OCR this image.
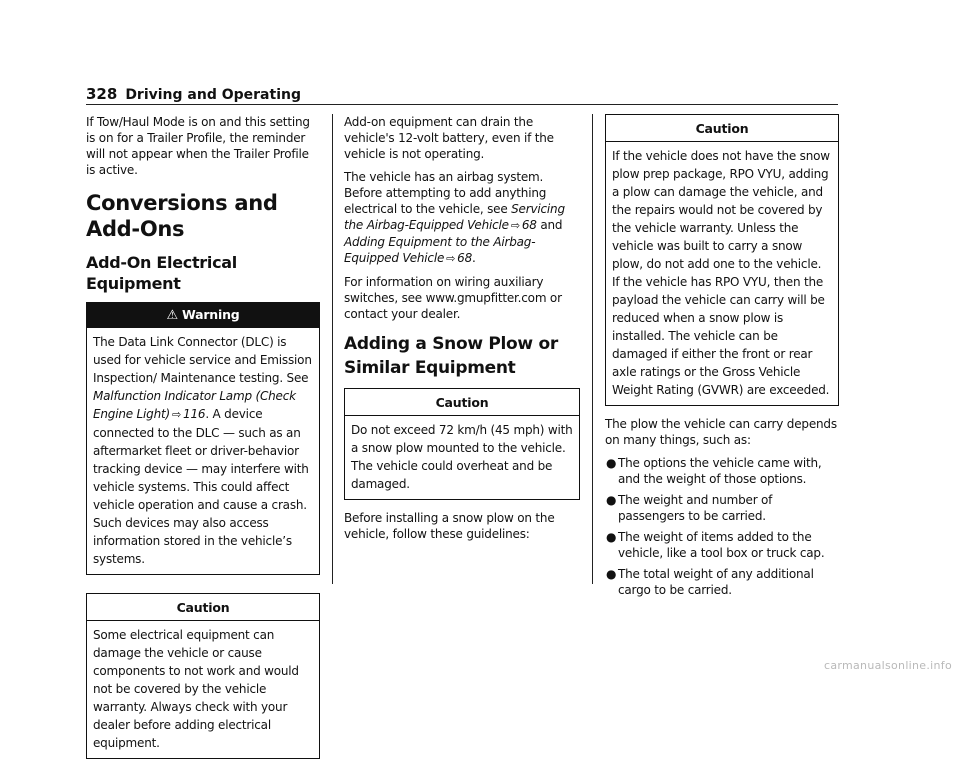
328 Driving and Operating

If Tow/Haul Mode is on and this setting is on for a Trailer Profile, the reminder will not appear when the Trailer Profile is active.

Conversions and Add-Ons
Add-On Electrical Equipment
⚠ Warning
The Data Link Connector (DLC) is used for vehicle service and Emission Inspection/ Maintenance testing. See Malfunction Indicator Lamp (Check Engine Light) ⇨ 116. A device connected to the DLC — such as an aftermarket fleet or driver-behavior tracking device — may interfere with vehicle systems. This could affect vehicle operation and cause a crash. Such devices may also access information stored in the vehicle’s systems.
Caution
Some electrical equipment can damage the vehicle or cause components to not work and would not be covered by the vehicle warranty. Always check with your dealer before adding electrical equipment.

Add-on equipment can drain the vehicle's 12-volt battery, even if the vehicle is not operating.

The vehicle has an airbag system. Before attempting to add anything electrical to the vehicle, see Servicing the Airbag-Equipped Vehicle ⇨ 68 and
Adding Equipment to the Airbag-Equipped Vehicle ⇨ 68.

For information on wiring auxiliary switches, see www.gmupfitter.com or contact your dealer.

Adding a Snow Plow or Similar Equipment
Caution
Do not exceed 72 km/h (45 mph) with a snow plow mounted to the vehicle. The vehicle could overheat and be damaged.

Before installing a snow plow on the vehicle, follow these guidelines:

Caution
If the vehicle does not have the snow plow prep package, RPO VYU, adding a plow can damage the vehicle, and the repairs would not be covered by the vehicle warranty. Unless the vehicle was built to carry a snow plow, do not add one to the vehicle. If the vehicle has RPO VYU, then the payload the vehicle can carry will be reduced when a snow plow is installed. The vehicle can be damaged if either the front or rear axle ratings or the Gross Vehicle Weight Rating (GVWR) are exceeded.

The plow the vehicle can carry depends on many things, such as:

● The options the vehicle came with, and the weight of those options.
● The weight and number of passengers to be carried.
● The weight of items added to the vehicle, like a tool box or truck cap.
● The total weight of any additional cargo to be carried.
carmanualsonline.info
